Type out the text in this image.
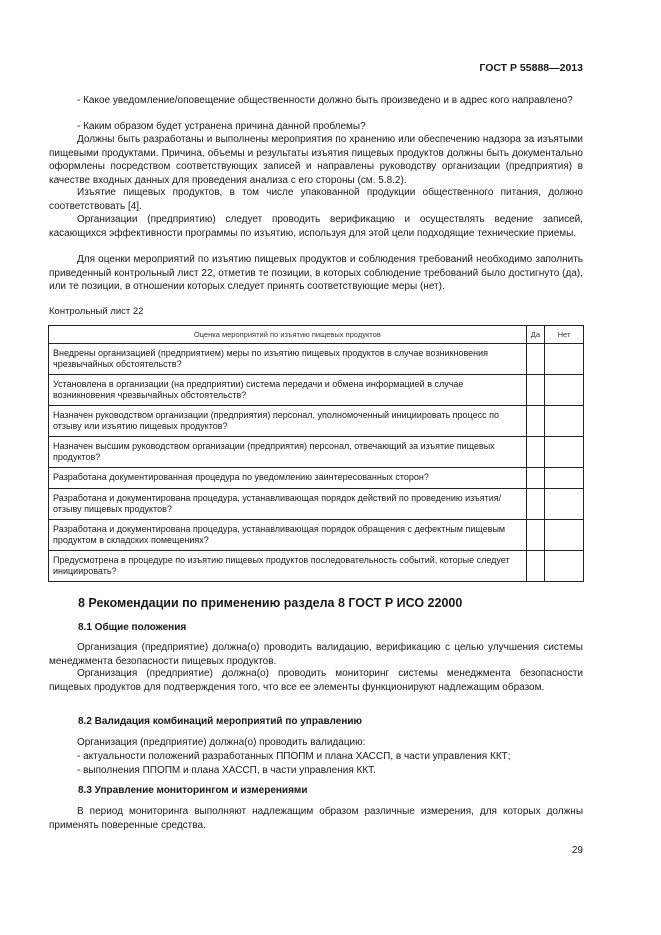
ГОСТ Р 55888—2013

- Какое уведомление/оповещение общественности должно быть произведено и в адрес кого направлено?

- Каким образом будет устранена причина данной проблемы?

Должны быть разработаны и выполнены мероприятия по хранению или обеспечению надзора за изъятыми пищевыми продуктами. Причина, объемы и результаты изъятия пищевых продуктов должны быть документально оформлены посредством соответствующих записей и направлены руководству организации (предприятия) в качестве входных данных для проведения анализа с его стороны (см. 5.8.2).

Изъятие пищевых продуктов, в том числе упакованной продукции общественного питания, должно соответствовать [4].

Организации (предприятию) следует проводить верификацию и осуществлять ведение записей, касающихся эффективности программы по изъятию, используя для этой цели подходящие технические приемы.

Для оценки мероприятий по изъятию пищевых продуктов и соблюдения требований необходимо заполнить приведенный контрольный лист 22, отметив те позиции, в которых соблюдение требований было достигнуто (да), или те позиции, в отношении которых следует принять соответствующие меры (нет).

Контрольный лист 22
Оценка мероприятий по изъятию пищевых продуктов	Да	Нет
Внедрены организацией (предприятием) меры по изъятию пищевых продуктов в случае возникновения чрезвычайных обстоятельств?		
Установлена в организации (на предприятии) система передачи и обмена информацией в случае возникновения чрезвычайных обстоятельств?		
Назначен руководством организации (предприятия) персонал, уполномоченный инициировать процесс по отзыву или изъятию пищевых продуктов?		
Назначен высшим руководством организации (предприятия) персонал, отвечающий за изъятие пищевых продуктов?		
Разработана документированная процедура по уведомлению заинтересованных сторон?		
Разработана и документирована процедура, устанавливающая порядок действий по проведению изъятия/отзыву пищевых продуктов?		
Разработана и документирована процедура, устанавливающая порядок обращения с дефектным пищевым продуктом в складских помещениях?		
Предусмотрена в процедуре по изъятию пищевых продуктов последовательность событий, которые следует инициировать?		
8 Рекомендации по применению раздела 8 ГОСТ Р ИСО 22000
8.1 Общие положения

Организация (предприятие) должна(о) проводить валидацию, верификацию с целью улучшения системы менеджмента безопасности пищевых продуктов.

Организация (предприятие) должна(о) проводить мониторинг системы менеджмента безопасности пищевых продуктов для подтверждения того, что все ее элементы функционируют надлежащим образом.

8.2 Валидация комбинаций мероприятий по управлению

Организация (предприятие) должна(о) проводить валидацию:

- актуальности положений разработанных ППОПМ и плана ХАССП, в части управления ККТ;

- выполнения ППОПМ и плана ХАССП, в части управления ККТ.

8.3 Управление мониторингом и измерениями

В период мониторинга выполняют надлежащим образом различные измерения, для которых должны применять поверенные средства.

29
